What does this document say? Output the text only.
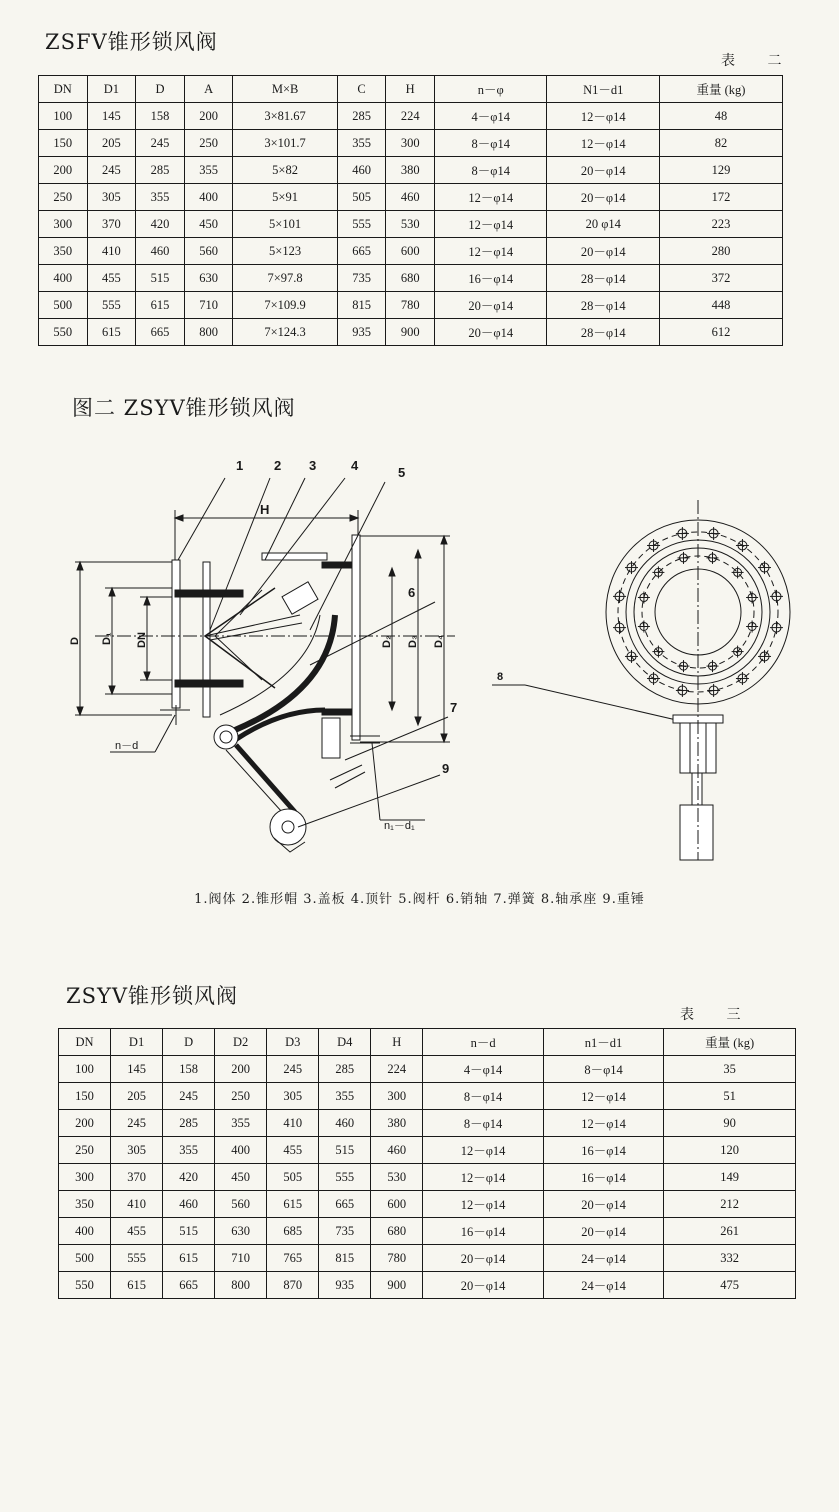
ZSFV锥形锁风阀
表 二
DN	D1	D	A	M×B	C	H	n－φ	N1－d1	重量 (kg)
100	145	158	200	3×81.67	285	224	4－φ14	12－φ14	48
150	205	245	250	3×101.7	355	300	8－φ14	12－φ14	82
200	245	285	355	5×82	460	380	8－φ14	20－φ14	129
250	305	355	400	5×91	505	460	12－φ14	20－φ14	172
300	370	420	450	5×101	555	530	12－φ14	20 φ14	223
350	410	460	560	5×123	665	600	12－φ14	20－φ14	280
400	455	515	630	7×97.8	735	680	16－φ14	28－φ14	372
500	555	615	710	7×109.9	815	780	20－φ14	28－φ14	448
550	615	665	800	7×124.3	935	900	20－φ14	28－φ14	612
图二 ZSYV锥形锁风阀
1 2 3	4	5
6
7
8
9
H
D D₁ DN	D₂ D₃ D₄
n－d
n₁－d₁
1.阀体 2.锥形帽 3.盖板 4.顶针 5.阀杆 6.销轴 7.弹簧 8.轴承座 9.重锤
ZSYV锥形锁风阀
表 三
DN	D1	D	D2	D3	D4	H	n－d	n1－d1	重量 (kg)
100	145	158	200	245	285	224	4－φ14	8－φ14	35
150	205	245	250	305	355	300	8－φ14	12－φ14	51
200	245	285	355	410	460	380	8－φ14	12－φ14	90
250	305	355	400	455	515	460	12－φ14	16－φ14	120
300	370	420	450	505	555	530	12－φ14	16－φ14	149
350	410	460	560	615	665	600	12－φ14	20－φ14	212
400	455	515	630	685	735	680	16－φ14	20－φ14	261
500	555	615	710	765	815	780	20－φ14	24－φ14	332
550	615	665	800	870	935	900	20－φ14	24－φ14	475
